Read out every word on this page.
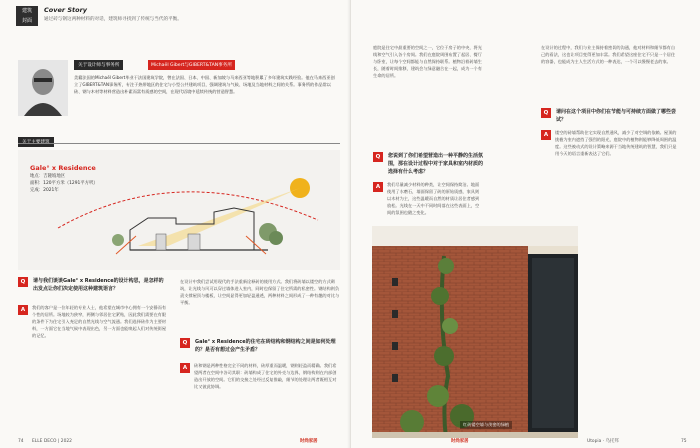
建筑
封面
Cover Story
通过砖与钢这两种材料的对话，建筑师寻找到了传统与当代的平衡。
关于设计师与事务所	Michaël Gibert与GIBERT&TAN事务所
美籍法国的Michaël Gibert毕业于法国建筑学院，曾在法国、日本、中国、新加坡与马来西亚等地积累了多年建筑实践经验。他在马来西亚创立了GIBERT&TAN事务所，专注于热带地区的住宅与小型公共建筑项目，强调建筑与气候、场地及当地材料之间的关系。事务所的作品常以砖、钢与木材等材料营造出朴素而富有质感的空间，在现代语境中延续传统的营造智慧。
Gale° x Residence
地点：吉隆坡地区
面积：120平方米（1291平方呎）
完成：2021年
Q	请与我们谈谈Gale° x Residence的设计构思，是怎样的出发点让你们决定使用这种建筑语言？
A	我们的客户是一位年轻的专业人士，他希望在城市中心拥有一个安静而有个性的居所。场地较为狭窄，两侧与邻居住宅紧贴，因此我们需要在有限的条件下为住宅引入充足的自然光线与空气流通。我们选择砖作为主要材料，一方面它在当地气候中表现出色，另一方面也能唤起人们对传统街屋的记忆。
在设计中我们尝试用现代的手法重新诠释砖的使用方式。我们将砖墙以镂空的方式砌筑，让光线与风可以穿过墙体进入室内，同时也保留了住宅所需的私密性。钢结构则负责支撑屋顶与楼板，让空间显得更加轻盈通透，两种材料之间形成了一种有趣的对比与平衡。
Q	Gale° x Residence的住宅在砖结构和钢结构之间是如何处理的？是否有想过会产生矛盾？
A	砖和钢是两种性格完全不同的材料，砖厚重而温暖，钢则轻盈而精确。我们希望两者在空间中各司其职：砖墙构成了住宅的外壳与边界，钢结构则在内部创造出开放的空间。它们的交接之处经过反复推敲，细节的处理让两者既相互对比又彼此协调。
74 ELLE DECO | 2022	时尚家居
庭院是住宅中最重要的空间之一，它位于房子的中央，将光线和空气引入各个房间。我们在庭院周围布置了起居、餐厅与卧室，让每个空间都能与自然保持联系。植物沿着砖墙生长，随着时间推移，建筑会与绿意融合在一起，成为一个有生命的居所。
Q	您说到了你们希望营造出一种平静的生活氛围，那在设计过程中对于家具和室内材质的选择有什么考虑？
A	我们尽量减少材料的种类，让空间保持简洁。地面使用了水磨石，墙面保留了砖的原始质感，家具则以木材为主，这些温暖而自然的材质让居住者感到放松。光线在一天中不同时间落在这些表面上，空间的氛围也随之变化。
在设计的过程中，我们与业主保持着密切的沟通，他对材料和细节都有自己的看法，这也让项目变得更加丰富。我们希望这座住宅不只是一个居住的容器，也能成为主人生活方式的一种表达，一个可以慢慢老去的家。
Q	请问在这个项目中你们在节能与可持续方面做了哪些尝试？
A	镂空的砖墙帮助住宅实现自然通风，减少了对空调的依赖。屋顶的挑檐为室内遮挡了强烈的阳光，庭院中的植物则能够降低周围的温度。这些被动式的设计策略来源于当地传统建筑的智慧，我们只是用今天的语言重新表达了它们。
Utopia · 乌托邦	75
时尚家居
红砖镂空墙与茂密的绿植
